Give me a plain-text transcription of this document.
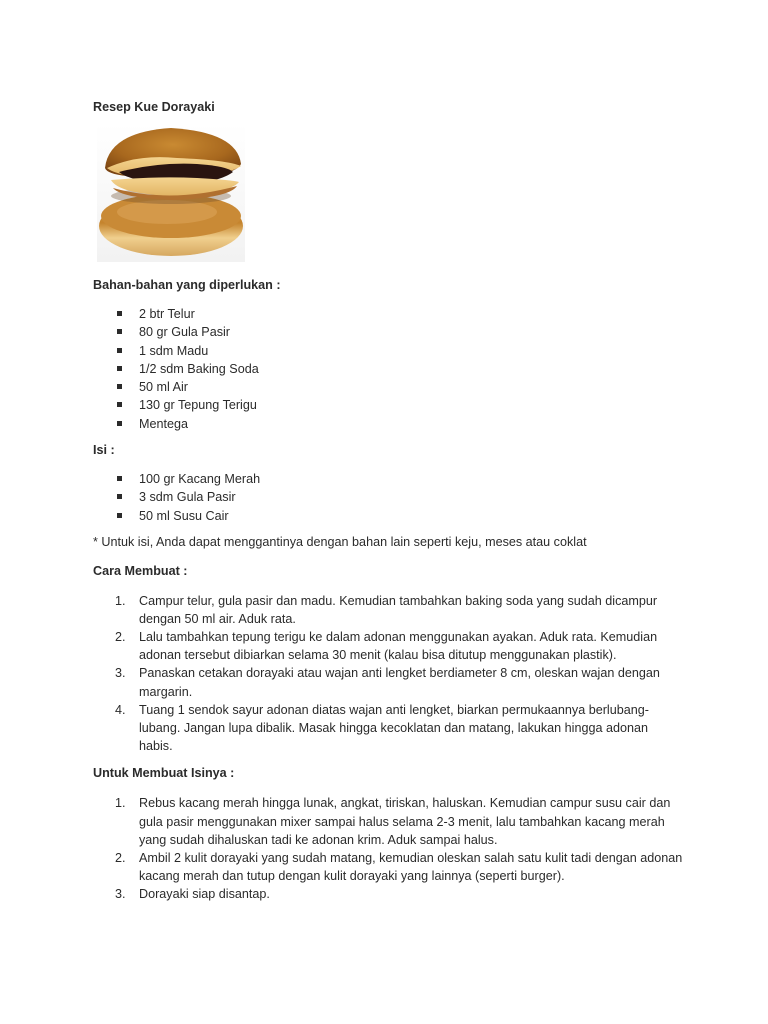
Resep Kue Dorayaki

Bahan-bahan yang diperlukan :

2 btr Telur
80 gr Gula Pasir
1 sdm Madu
1/2 sdm Baking Soda
50 ml Air
130 gr Tepung Terigu
Mentega

Isi :

100 gr Kacang Merah
3 sdm Gula Pasir
50 ml Susu Cair

* Untuk isi, Anda dapat menggantinya dengan bahan lain seperti keju, meses atau coklat

Cara Membuat :

1. Campur telur, gula pasir dan madu. Kemudian tambahkan baking soda yang sudah dicampur dengan 50 ml air. Aduk rata.
2. Lalu tambahkan tepung terigu ke dalam adonan menggunakan ayakan. Aduk rata. Kemudian adonan tersebut dibiarkan selama 30 menit (kalau bisa ditutup menggunakan plastik).
3. Panaskan cetakan dorayaki atau wajan anti lengket berdiameter 8 cm, oleskan wajan dengan margarin.
4. Tuang 1 sendok sayur adonan diatas wajan anti lengket, biarkan permukaannya berlubang-lubang. Jangan lupa dibalik. Masak hingga kecoklatan dan matang, lakukan hingga adonan habis.

Untuk Membuat Isinya :

1. Rebus kacang merah hingga lunak, angkat, tiriskan, haluskan. Kemudian campur susu cair dan gula pasir menggunakan mixer sampai halus selama 2-3 menit, lalu tambahkan kacang merah yang sudah dihaluskan tadi ke adonan krim. Aduk sampai halus.
2. Ambil 2 kulit dorayaki yang sudah matang, kemudian oleskan salah satu kulit tadi dengan adonan kacang merah dan tutup dengan kulit dorayaki yang lainnya (seperti burger).
3. Dorayaki siap disantap.
